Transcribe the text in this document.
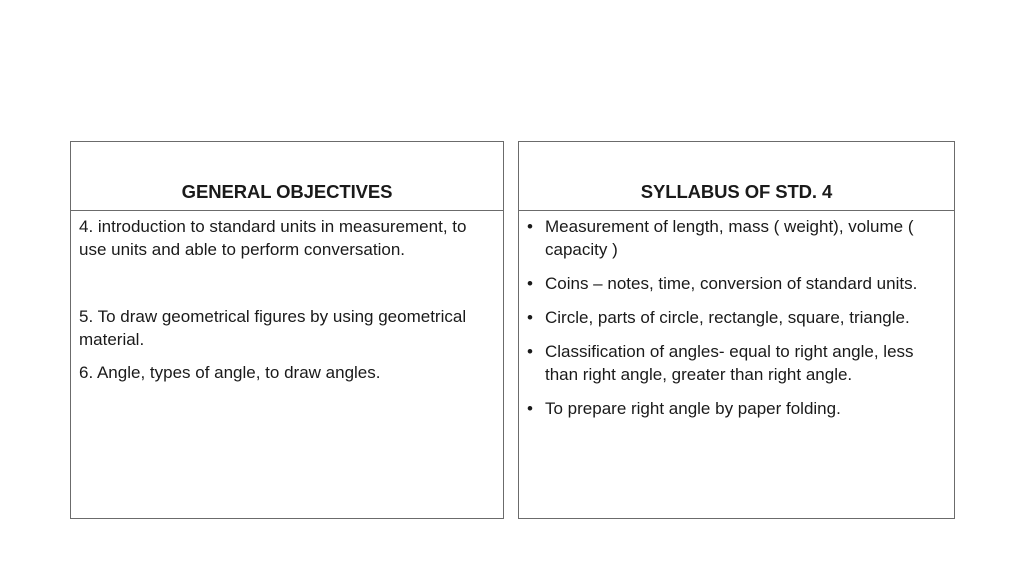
GENERAL OBJECTIVES

4. introduction to standard units in measurement, to use units and able to perform conversation.

5. To draw geometrical figures by using geometrical material.

6. Angle, types of angle, to draw angles.

SYLLABUS OF STD. 4
• Measurement of length, mass ( weight), volume ( capacity )
• Coins – notes, time, conversion of standard units.
• Circle, parts of circle, rectangle, square, triangle.
• Classification of angles- equal to right angle, less than right angle, greater than right angle.
• To prepare right angle by paper folding.
